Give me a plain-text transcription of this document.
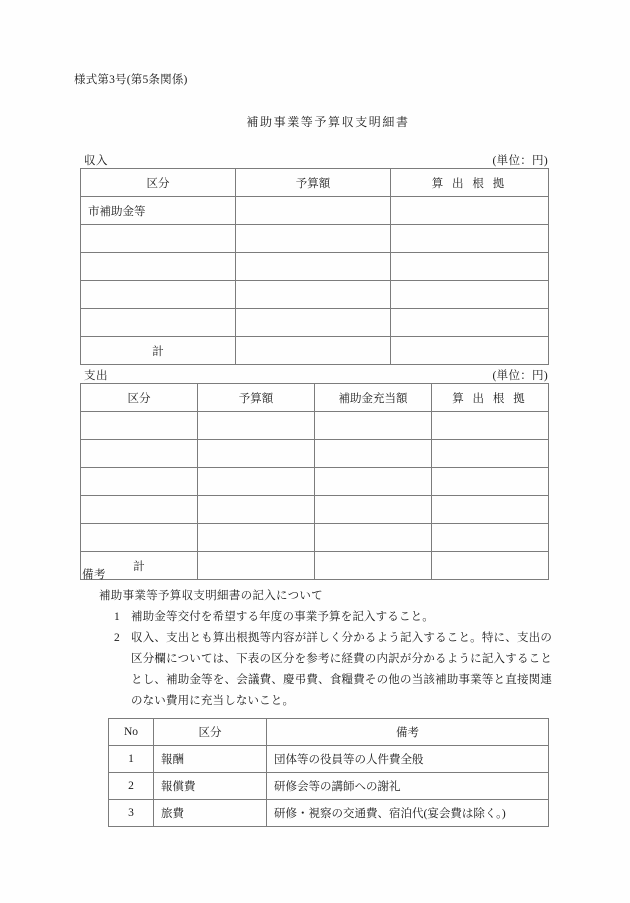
様式第3号(第5条関係)
補助事業等予算収支明細書
収入	(単位：円)
区分	予算額	算 出 根 拠
市補助金等		

計		
支出	(単位：円)
区分	予算額	補助金充当額	算 出 根 拠

計			

備考

補助事業等予算収支明細書の記入について

1 補助金等交付を希望する年度の事業予算を記入すること。
2 収入、支出とも算出根拠等内容が詳しく分かるよう記入すること。特に、支出の区分欄については、下表の区分を参考に経費の内訳が分かるように記入することとし、補助金等を、会議費、慶弔費、食糧費その他の当該補助事業等と直接関連のない費用に充当しないこと。
No	区分	備考
1	報酬	団体等の役員等の人件費全般
2	報償費	研修会等の講師への謝礼
3	旅費	研修・視察の交通費、宿泊代(宴会費は除く。)
